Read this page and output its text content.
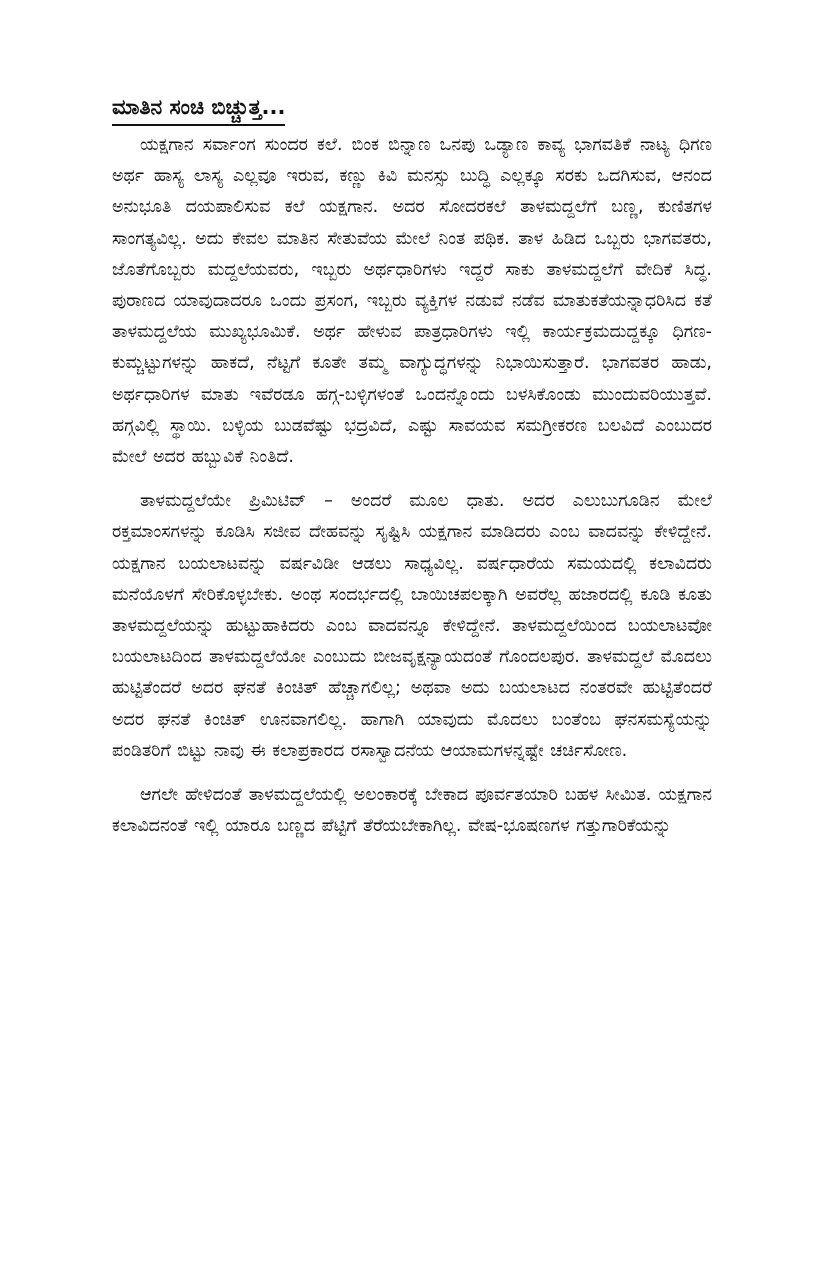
ಮಾತಿನ ಸಂಚಿ ಬಿಚ್ಚುತ್ತ...

ಯಕ್ಷಗಾನ ಸರ್ವಾಂಗ ಸುಂದರ ಕಲೆ. ಬಿಂಕ ಬಿನ್ನಾಣ ಒನಪು ಒಡ್ಯಾಣ ಕಾವ್ಯ ಭಾಗವತಿಕೆ ನಾಟ್ಯ ಧಿಗಣ ಅರ್ಥ ಹಾಸ್ಯ ಲಾಸ್ಯ ಎಲ್ಲವೂ ಇರುವ, ಕಣ್ಣು ಕಿವಿ ಮನಸ್ಸು ಬುದ್ಧಿ ಎಲ್ಲಕ್ಕೂ ಸರಕು ಒದಗಿಸುವ, ಆನಂದ ಅನುಭೂತಿ ದಯಪಾಲಿಸುವ ಕಲೆ ಯಕ್ಷಗಾನ. ಅದರ ಸೋದರಕಲೆ ತಾಳಮದ್ದಲೆಗೆ ಬಣ್ಣ, ಕುಣಿತಗಳ ಸಾಂಗತ್ಯವಿಲ್ಲ. ಅದು ಕೇವಲ ಮಾತಿನ ಸೇತುವೆಯ ಮೇಲೆ ನಿಂತ ಪಥಿಕ. ತಾಳ ಹಿಡಿದ ಒಬ್ಬರು ಭಾಗವತರು, ಜೊತೆಗೊಬ್ಬರು ಮದ್ದಲೆಯವರು, ಇಬ್ಬರು ಅರ್ಥಧಾರಿಗಳು ಇದ್ದರೆ ಸಾಕು ತಾಳಮದ್ದಲೆಗೆ ವೇದಿಕೆ ಸಿದ್ಧ. ಪುರಾಣದ ಯಾವುದಾದರೂ ಒಂದು ಪ್ರಸಂಗ, ಇಬ್ಬರು ವ್ಯಕ್ತಿಗಳ ನಡುವೆ ನಡೆವ ಮಾತುಕತೆಯನ್ನಾಧರಿಸಿದ ಕತೆ ತಾಳಮದ್ದಲೆಯ ಮುಖ್ಯಭೂಮಿಕೆ. ಅರ್ಥ ಹೇಳುವ ಪಾತ್ರಧಾರಿಗಳು ಇಲ್ಲಿ ಕಾರ್ಯಕ್ರಮದುದ್ದಕ್ಕೂ ಧಿಗಣ-ಕುಮ್ಚಟ್ಟುಗಳನ್ನು ಹಾಕದೆ, ನೆಟ್ಟಗೆ ಕೂತೇ ತಮ್ಮ ವಾಗ್ಯುದ್ಧಗಳನ್ನು ನಿಭಾಯಿಸುತ್ತಾರೆ. ಭಾಗವತರ ಹಾಡು, ಅರ್ಥಧಾರಿಗಳ ಮಾತು ಇವೆರಡೂ ಹಗ್ಗ-ಬಳ್ಳಿಗಳಂತೆ ಒಂದನ್ನೊಂದು ಬಳಸಿಕೊಂಡು ಮುಂದುವರಿಯುತ್ತವೆ. ಹಗ್ಗವಿಲ್ಲಿ ಸ್ಥಾಯಿ. ಬಳ್ಳಿಯ ಬುಡವೆಷ್ಟು ಭದ್ರವಿದೆ, ಎಷ್ಟು ಸಾವಯವ ಸಮಗ್ರೀಕರಣ ಬಲವಿದೆ ಎಂಬುದರ ಮೇಲೆ ಅದರ ಹಬ್ಬುವಿಕೆ ನಿಂತಿದೆ.

ತಾಳಮದ್ದಲೆಯೇ ಪ್ರಿಮಿಟಿವ್ – ಅಂದರೆ ಮೂಲ ಧಾತು. ಅದರ ಎಲುಬುಗೂಡಿನ ಮೇಲೆ ರಕ್ತಮಾಂಸಗಳನ್ನು ಕೂಡಿಸಿ ಸಜೀವ ದೇಹವನ್ನು ಸೃಷ್ಟಿಸಿ ಯಕ್ಷಗಾನ ಮಾಡಿದರು ಎಂಬ ವಾದವನ್ನು ಕೇಳಿದ್ದೇನೆ. ಯಕ್ಷಗಾನ ಬಯಲಾಟವನ್ನು ವರ್ಷವಿಡೀ ಆಡಲು ಸಾಧ್ಯವಿಲ್ಲ. ವರ್ಷಧಾರೆಯ ಸಮಯದಲ್ಲಿ ಕಲಾವಿದರು ಮನೆಯೊಳಗೆ ಸೇರಿಕೊಳ್ಳಬೇಕು. ಅಂಥ ಸಂದರ್ಭದಲ್ಲಿ ಬಾಯಿಚಪಲಕ್ಕಾಗಿ ಅವರೆಲ್ಲ ಹಜಾರದಲ್ಲಿ ಕೂಡಿ ಕೂತು ತಾಳಮದ್ದಲೆಯನ್ನು ಹುಟ್ಟುಹಾಕಿದರು ಎಂಬ ವಾದವನ್ನೂ ಕೇಳಿದ್ದೇನೆ. ತಾಳಮದ್ದಲೆಯಿಂದ ಬಯಲಾಟವೋ ಬಯಲಾಟದಿಂದ ತಾಳಮದ್ದಲೆಯೋ ಎಂಬುದು ಬೀಜವೃಕ್ಷನ್ಯಾಯದಂತೆ ಗೊಂದಲಪುರ. ತಾಳಮದ್ದಲೆ ಮೊದಲು ಹುಟ್ಟಿತೆಂದರೆ ಅದರ ಘನತೆ ಕಿಂಚಿತ್ ಹೆಚ್ಚಾಗಲಿಲ್ಲ; ಅಥವಾ ಅದು ಬಯಲಾಟದ ನಂತರವೇ ಹುಟ್ಟಿತೆಂದರೆ ಅದರ ಘನತೆ ಕಿಂಚಿತ್ ಊನವಾಗಲಿಲ್ಲ. ಹಾಗಾಗಿ ಯಾವುದು ಮೊದಲು ಬಂತೆಂಬ ಘನಸಮಸ್ಯೆಯನ್ನು ಪಂಡಿತರಿಗೆ ಬಿಟ್ಟು ನಾವು ಈ ಕಲಾಪ್ರಕಾರದ ರಸಾಸ್ವಾದನೆಯ ಆಯಾಮಗಳನ್ನಷ್ಟೇ ಚರ್ಚಿಸೋಣ.

ಆಗಲೇ ಹೇಳಿದಂತೆ ತಾಳಮದ್ದಲೆಯಲ್ಲಿ ಅಲಂಕಾರಕ್ಕೆ ಬೇಕಾದ ಪೂರ್ವತಯಾರಿ ಬಹಳ ಸೀಮಿತ. ಯಕ್ಷಗಾನ ಕಲಾವಿದನಂತೆ ಇಲ್ಲಿ ಯಾರೂ ಬಣ್ಣದ ಪೆಟ್ಟಿಗೆ ತೆರೆಯಬೇಕಾಗಿಲ್ಲ. ವೇಷ-ಭೂಷಣಗಳ ಗತ್ತುಗಾರಿಕೆಯನ್ನು
